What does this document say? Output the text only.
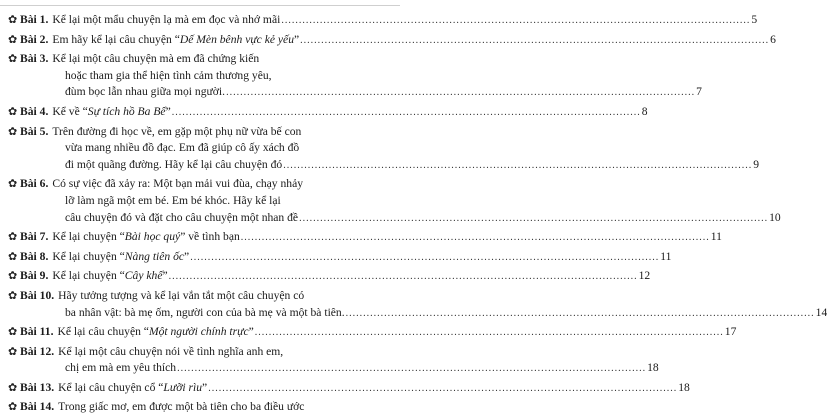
✿ Bài 1. Kể lại một mẩu chuyện lạ mà em đọc và nhớ mãi .....	5
✿ Bài 2. Em hãy kể lại câu chuyện “Dế Mèn bênh vực kẻ yếu” .....	6
✿ Bài 3. Kể lại một câu chuyện mà em đã chứng kiến
hoặc tham gia thể hiện tình cảm thương yêu,
đùm bọc lẫn nhau giữa mọi người. .....	7
✿ Bài 4. Kể về “Sự tích hồ Ba Bể” .....	8
✿ Bài 5. Trên đường đi học về, em gặp một phụ nữ vừa bế con
vừa mang nhiều đồ đạc. Em đã giúp cô ấy xách đồ
đi một quãng đường. Hãy kể lại câu chuyện đó .....	9
✿ Bài 6. Có sự việc đã xảy ra: Một bạn mải vui đùa, chạy nhảy
lỡ làm ngã một em bé. Em bé khóc. Hãy kể lại
câu chuyện đó và đặt cho câu chuyện một nhan đề .....	10
✿ Bài 7. Kể lại chuyện “Bài học quý” về tình bạn .....	11
✿ Bài 8. Kể lại chuyện “Nàng tiên ốc” .....	11
✿ Bài 9. Kể lại chuyện “Cây khế” .....	12
✿ Bài 10. Hãy tưởng tượng và kể lại vắn tắt một câu chuyện có
ba nhân vật: bà mẹ ốm, người con của bà mẹ và một bà tiên. .....	14
✿ Bài 11. Kể lại câu chuyện “Một người chính trực” .....	17
✿ Bài 12. Kể lại một câu chuyện nói về tình nghĩa anh em,
chị em mà em yêu thích .....	18
✿ Bài 13. Kể lại câu chuyện cổ “Lưỡi rìu” .....	18
✿ Bài 14. Trong giấc mơ, em được một bà tiên cho ba điều ước
